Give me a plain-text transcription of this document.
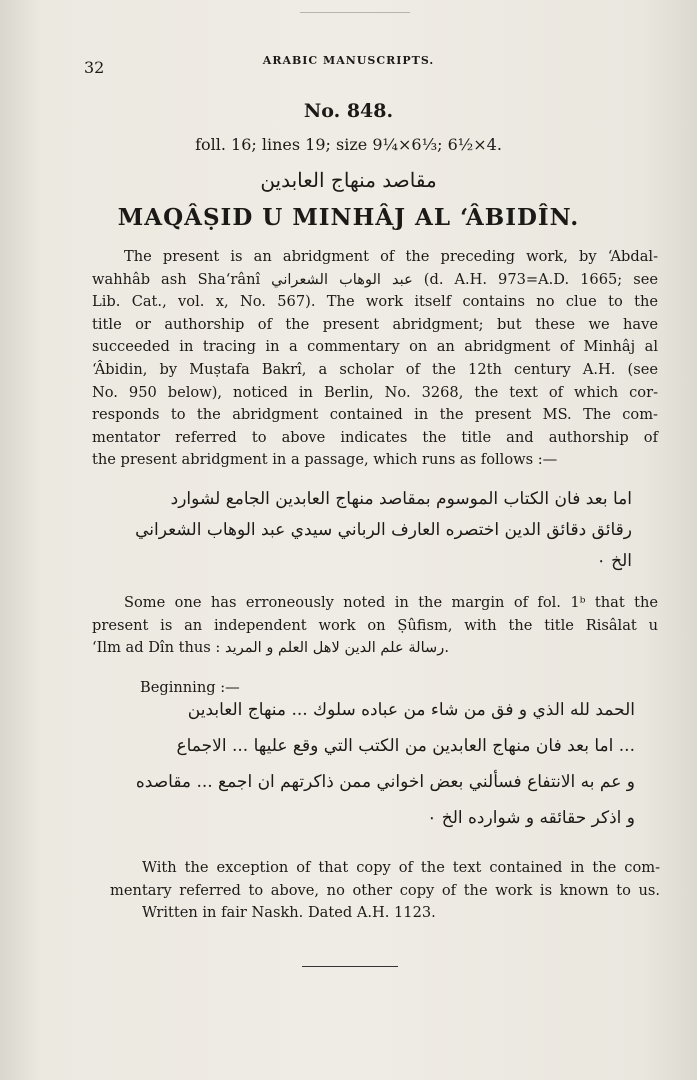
32	ARABIC MANUSCRIPTS.
No. 848.
foll. 16; lines 19; size 9¼×6⅓; 6½×4.
مقاصد منهاج العابدين
MAQÂṢID U MINHÂJ AL ‘ÂBIDÎN.
The present is an abridgment of the preceding work, by ‘Abdal-
wahhâb ash Sha‘rânî عبد الوهاب الشعراني (d. A.H. 973=A.D. 1665; see
Lib. Cat., vol. x, No. 567). The work itself contains no clue to the
title or authorship of the present abridgment; but these we have
succeeded in tracing in a commentary on an abridgment of Minhâj al
‘Âbidin, by Muṣtafa Bakrî, a scholar of the 12th century A.H. (see
No. 950 below), noticed in Berlin, No. 3268, the text of which cor-
responds to the abridgment contained in the present MS. The com-
mentator referred to above indicates the title and authorship of
the present abridgment in a passage, which runs as follows :—
اما بعد فان الكتاب الموسوم بمقاصد منهاج العابدين الجامع لشوارد
رقائق دقائق الدين اختصره العارف الرباني سيدي عبد الوهاب الشعراني
الخ ٠
Some one has erroneously noted in the margin of fol. 1ᵇ that the
present is an independent work on Ṣûfism, with the title Risâlat u
‘Ilm ad Dîn thus : رسالة علم الدين لاهل العلم و المريد.
Beginning :—
الحمد لله الذي و فق من شاء من عباده سلوك ... منهاج العابدين
... اما بعد فان منهاج العابدين من الكتب التي وقع عليها ... الاجماع
و عم به الانتفاع فسألني بعض اخواني ممن ذاكرتهم ان اجمع ... مقاصده
و اذكر حقائقه و شوارده الخ ٠
With the exception of that copy of the text contained in the com-
mentary referred to above, no other copy of the work is known to us.
Written in fair Naskh. Dated A.H. 1123.
